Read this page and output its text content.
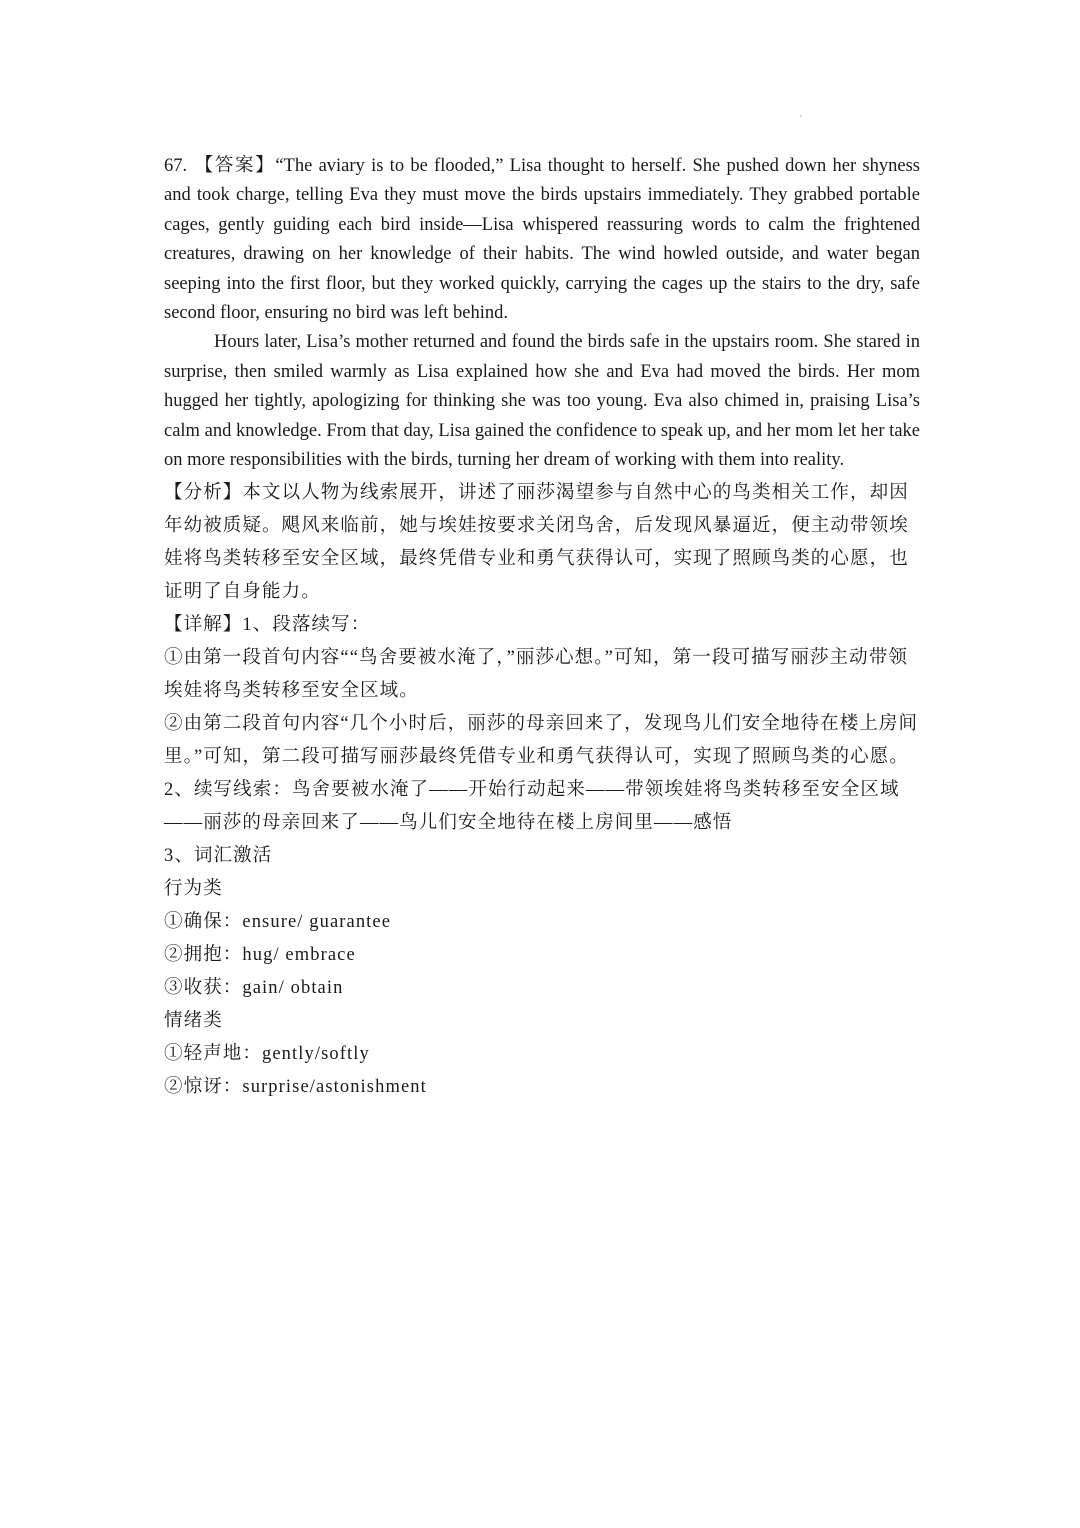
67. 【答案】“The aviary is to be flooded,” Lisa thought to herself. She pushed down her shyness and took charge, telling Eva they must move the birds upstairs immediately. They grabbed portable cages, gently guiding each bird inside—Lisa whispered reassuring words to calm the frightened creatures, drawing on her knowledge of their habits. The wind howled outside, and water began seeping into the first floor, but they worked quickly, carrying the cages up the stairs to the dry, safe second floor, ensuring no bird was left behind.

Hours later, Lisa’s mother returned and found the birds safe in the upstairs room. She stared in surprise, then smiled warmly as Lisa explained how she and Eva had moved the birds. Her mom hugged her tightly, apologizing for thinking she was too young. Eva also chimed in, praising Lisa’s calm and knowledge. From that day, Lisa gained the confidence to speak up, and her mom let her take on more responsibilities with the birds, turning her dream of working with them into reality.

【分析】本文以人物为线索展开，讲述了丽莎渴望参与自然中心的鸟类相关工作，却因年幼被质疑。飓风来临前，她与埃娃按要求关闭鸟舍，后发现风暴逼近，便主动带领埃娃将鸟类转移至安全区域，最终凭借专业和勇气获得认可，实现了照顾鸟类的心愿，也证明了自身能力。

【详解】1、段落续写：

①由第一段首句内容““鸟舍要被水淹了，”丽莎心想。”可知，第一段可描写丽莎主动带领埃娃将鸟类转移至安全区域。

②由第二段首句内容“几个小时后，丽莎的母亲回来了，发现鸟儿们安全地待在楼上房间里。”可知，第二段可描写丽莎最终凭借专业和勇气获得认可，实现了照顾鸟类的心愿。

2、续写线索：鸟舍要被水淹了——开始行动起来——带领埃娃将鸟类转移至安全区域——丽莎的母亲回来了——鸟儿们安全地待在楼上房间里——感悟

3、词汇激活

行为类

①确保：ensure/ guarantee

②拥抱：hug/ embrace

③收获：gain/ obtain

情绪类

①轻声地：gently/softly

②惊讶：surprise/astonishment
